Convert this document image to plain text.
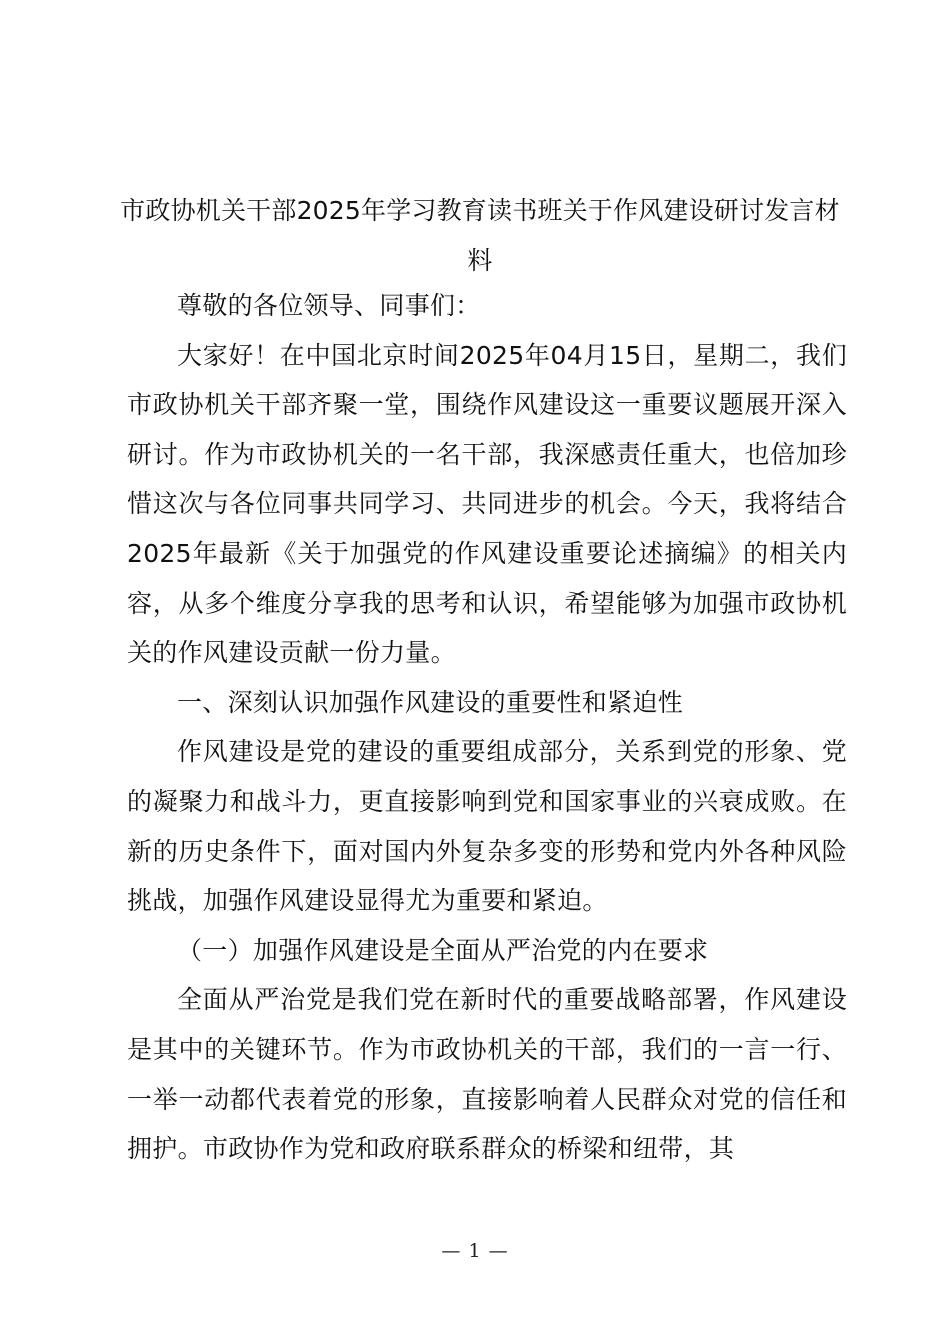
市政协机关干部2025年学习教育读书班关于作风建设研讨发言材料

尊敬的各位领导、同事们：

大家好！在中国北京时间2025年04月15日，星期二，我们市政协机关干部齐聚一堂，围绕作风建设这一重要议题展开深入研讨。作为市政协机关的一名干部，我深感责任重大，也倍加珍惜这次与各位同事共同学习、共同进步的机会。今天，我将结合2025年最新《关于加强党的作风建设重要论述摘编》的相关内容，从多个维度分享我的思考和认识，希望能够为加强市政协机关的作风建设贡献一份力量。

一、深刻认识加强作风建设的重要性和紧迫性

作风建设是党的建设的重要组成部分，关系到党的形象、党的凝聚力和战斗力，更直接影响到党和国家事业的兴衰成败。在新的历史条件下，面对国内外复杂多变的形势和党内外各种风险挑战，加强作风建设显得尤为重要和紧迫。

（一）加强作风建设是全面从严治党的内在要求

全面从严治党是我们党在新时代的重要战略部署，作风建设是其中的关键环节。作为市政协机关的干部，我们的一言一行、一举一动都代表着党的形象，直接影响着人民群众对党的信任和拥护。市政协作为党和政府联系群众的桥梁和纽带，其

— 1 —
